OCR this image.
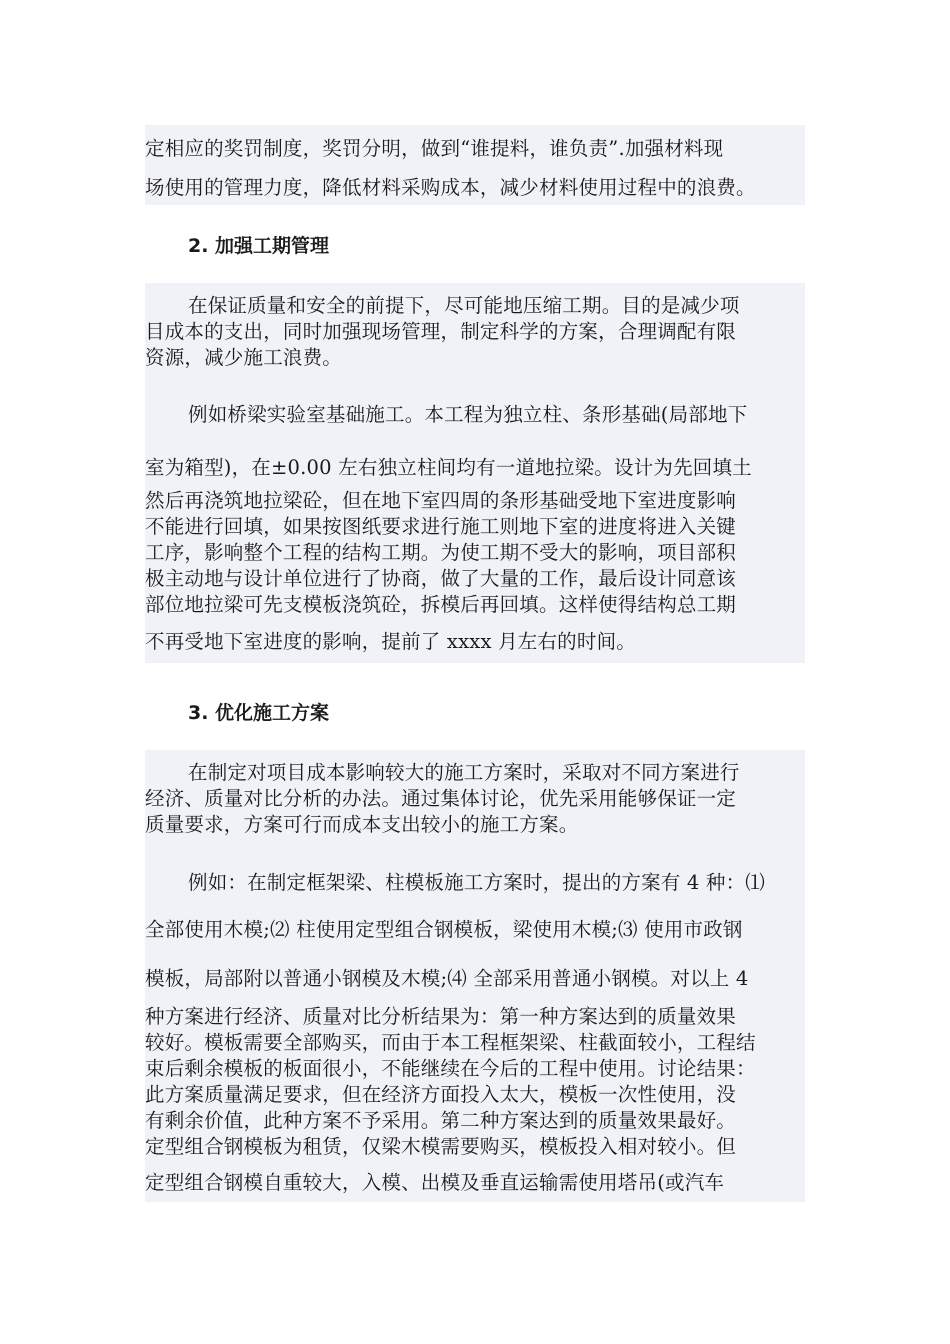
定相应的奖罚制度，奖罚分明，做到“谁提料，谁负责”.加强材料现
场使用的管理力度，降低材料采购成本，减少材料使用过程中的浪费。
2. 加强工期管理
在保证质量和安全的前提下，尽可能地压缩工期。目的是减少项
目成本的支出，同时加强现场管理，制定科学的方案，合理调配有限
资源，减少施工浪费。
例如桥梁实验室基础施工。本工程为独立柱、条形基础(局部地下
室为箱型)，在±0.00 左右独立柱间均有一道地拉梁。设计为先回填土
然后再浇筑地拉梁砼，但在地下室四周的条形基础受地下室进度影响
不能进行回填，如果按图纸要求进行施工则地下室的进度将进入关键
工序，影响整个工程的结构工期。为使工期不受大的影响，项目部积
极主动地与设计单位进行了协商，做了大量的工作，最后设计同意该
部位地拉梁可先支模板浇筑砼，拆模后再回填。这样使得结构总工期
不再受地下室进度的影响，提前了 xxxx 月左右的时间。
3. 优化施工方案
在制定对项目成本影响较大的施工方案时，采取对不同方案进行
经济、质量对比分析的办法。通过集体讨论，优先采用能够保证一定
质量要求，方案可行而成本支出较小的施工方案。
例如：在制定框架梁、柱模板施工方案时，提出的方案有 4 种：⑴
全部使用木模;⑵ 柱使用定型组合钢模板，梁使用木模;⑶ 使用市政钢
模板，局部附以普通小钢模及木模;⑷ 全部采用普通小钢模。对以上 4
种方案进行经济、质量对比分析结果为：第一种方案达到的质量效果
较好。模板需要全部购买，而由于本工程框架梁、柱截面较小，工程结
束后剩余模板的板面很小，不能继续在今后的工程中使用。讨论结果：
此方案质量满足要求，但在经济方面投入太大，模板一次性使用，没
有剩余价值，此种方案不予采用。第二种方案达到的质量效果最好。
定型组合钢模板为租赁，仅梁木模需要购买，模板投入相对较小。但
定型组合钢模自重较大，入模、出模及垂直运输需使用塔吊(或汽车
